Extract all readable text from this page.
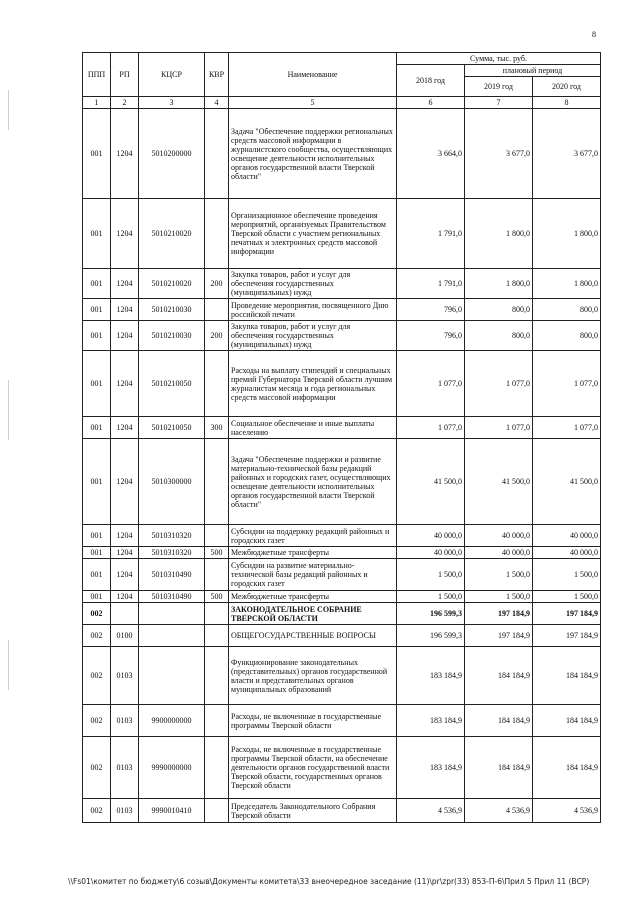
8
ППП	РП	КЦСР	КВР	Наименование	Сумма, тыс. руб.		
					2018 год	плановый период	
						2019 год	2020 год
1	2	3	4	5	6	7	8
001	1204	5010200000		Задача "Обеспечение поддержки региональных средств массовой информации в журналистского сообщества, осуществляющих освещение деятельности исполнительных органов государственной власти Тверской области"	3 664,0	3 677,0	3 677,0
001	1204	5010210020		Организационное обеспечение проведения мероприятий, организуемых Правительством Тверской области с участием региональных печатных и электронных средств массовой информации	1 791,0	1 800,0	1 800,0
001	1204	5010210020	200	Закупка товаров, работ и услуг для обеспечения государственных (муниципальных) нужд	1 791,0	1 800,0	1 800,0
001	1204	5010210030		Проведение мероприятия, посвященного Дню российской печати	796,0	800,0	800,0
001	1204	5010210030	200	Закупка товаров, работ и услуг для обеспечения государственных (муниципальных) нужд	796,0	800,0	800,0
001	1204	5010210050		Расходы на выплату стипендий и специальных премий Губернатора Тверской области лучшим журналистам месяца и года региональных средств массовой информации	1 077,0	1 077,0	1 077,0
001	1204	5010210050	300	Социальное обеспечение и иные выплаты населению	1 077,0	1 077,0	1 077,0
001	1204	5010300000		Задача "Обеспечение поддержки и развитие материально-технической базы редакций районных и городских газет, осуществляющих освещение деятельности исполнительных органов государственной власти Тверской области"	41 500,0	41 500,0	41 500,0
001	1204	5010310320		Субсидии на поддержку редакций районных и городских газет	40 000,0	40 000,0	40 000,0
001	1204	5010310320	500	Межбюджетные трансферты	40 000,0	40 000,0	40 000,0
001	1204	5010310490		Субсидии на развитие материально-технической базы редакций районных и городских газет	1 500,0	1 500,0	1 500,0
001	1204	5010310490	500	Межбюджетные трансферты	1 500,0	1 500,0	1 500,0
002				ЗАКОНОДАТЕЛЬНОЕ СОБРАНИЕ ТВЕРСКОЙ ОБЛАСТИ	196 599,3	197 184,9	197 184,9
002	0100			ОБЩЕГОСУДАРСТВЕННЫЕ ВОПРОСЫ	196 599,3	197 184,9	197 184,9
002	0103			Функционирование законодательных (представительных) органов государственной власти и представительных органов муниципальных образований	183 184,9	184 184,9	184 184,9
002	0103	9900000000		Расходы, не включенные в государственные программы Тверской области	183 184,9	184 184,9	184 184,9
002	0103	9990000000		Расходы, не включенные в государственные программы Тверской области, на обеспечение деятельности органов государственной власти Тверской области, государственных органов Тверской области	183 184,9	184 184,9	184 184,9
002	0103	9990010410		Председатель Законодательного Собрания Тверской области	4 536,9	4 536,9	4 536,9
\\Fs01\комитет по бюджету\6 созыв\Документы комитета\33 внеочередное заседание (11)\pr\zpr(33) 853-П-6\Прил 5 Прил 11 (ВСР)
